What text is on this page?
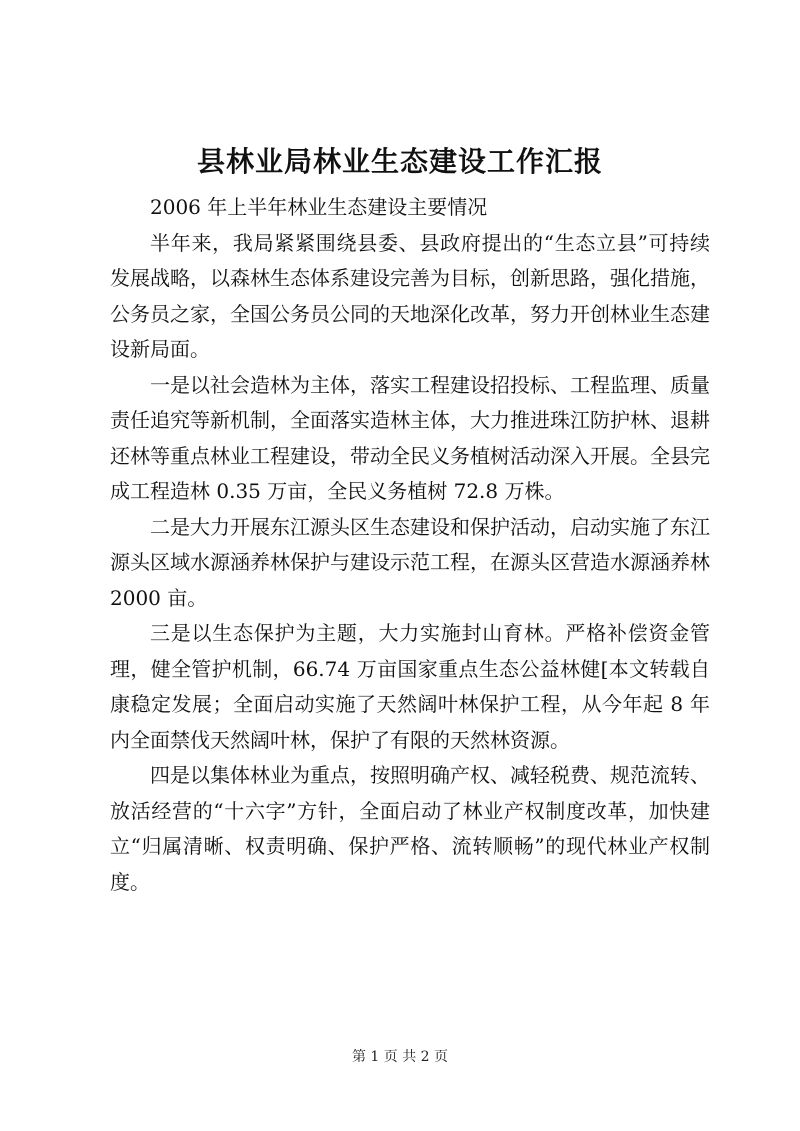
县林业局林业生态建设工作汇报

2006 年上半年林业生态建设主要情况

半年来，我局紧紧围绕县委、县政府提出的“生态立县”可持续发展战略，以森林生态体系建设完善为目标，创新思路，强化措施，公务员之家，全国公务员公同的天地深化改革，努力开创林业生态建设新局面。

一是以社会造林为主体，落实工程建设招投标、工程监理、质量责任追究等新机制，全面落实造林主体，大力推进珠江防护林、退耕还林等重点林业工程建设，带动全民义务植树活动深入开展。全县完成工程造林 0.35 万亩，全民义务植树 72.8 万株。

二是大力开展东江源头区生态建设和保护活动，启动实施了东江源头区域水源涵养林保护与建设示范工程，在源头区营造水源涵养林 2000 亩。

三是以生态保护为主题，大力实施封山育林。严格补偿资金管理，健全管护机制，66.74 万亩国家重点生态公益林健[本文转载自康稳定发展；全面启动实施了天然阔叶林保护工程，从今年起 8 年内全面禁伐天然阔叶林，保护了有限的天然林资源。

四是以集体林业为重点，按照明确产权、减轻税费、规范流转、放活经营的“十六字”方针，全面启动了林业产权制度改革，加快建立“归属清晰、权责明确、保护严格、流转顺畅”的现代林业产权制度。

第 1 页 共 2 页
